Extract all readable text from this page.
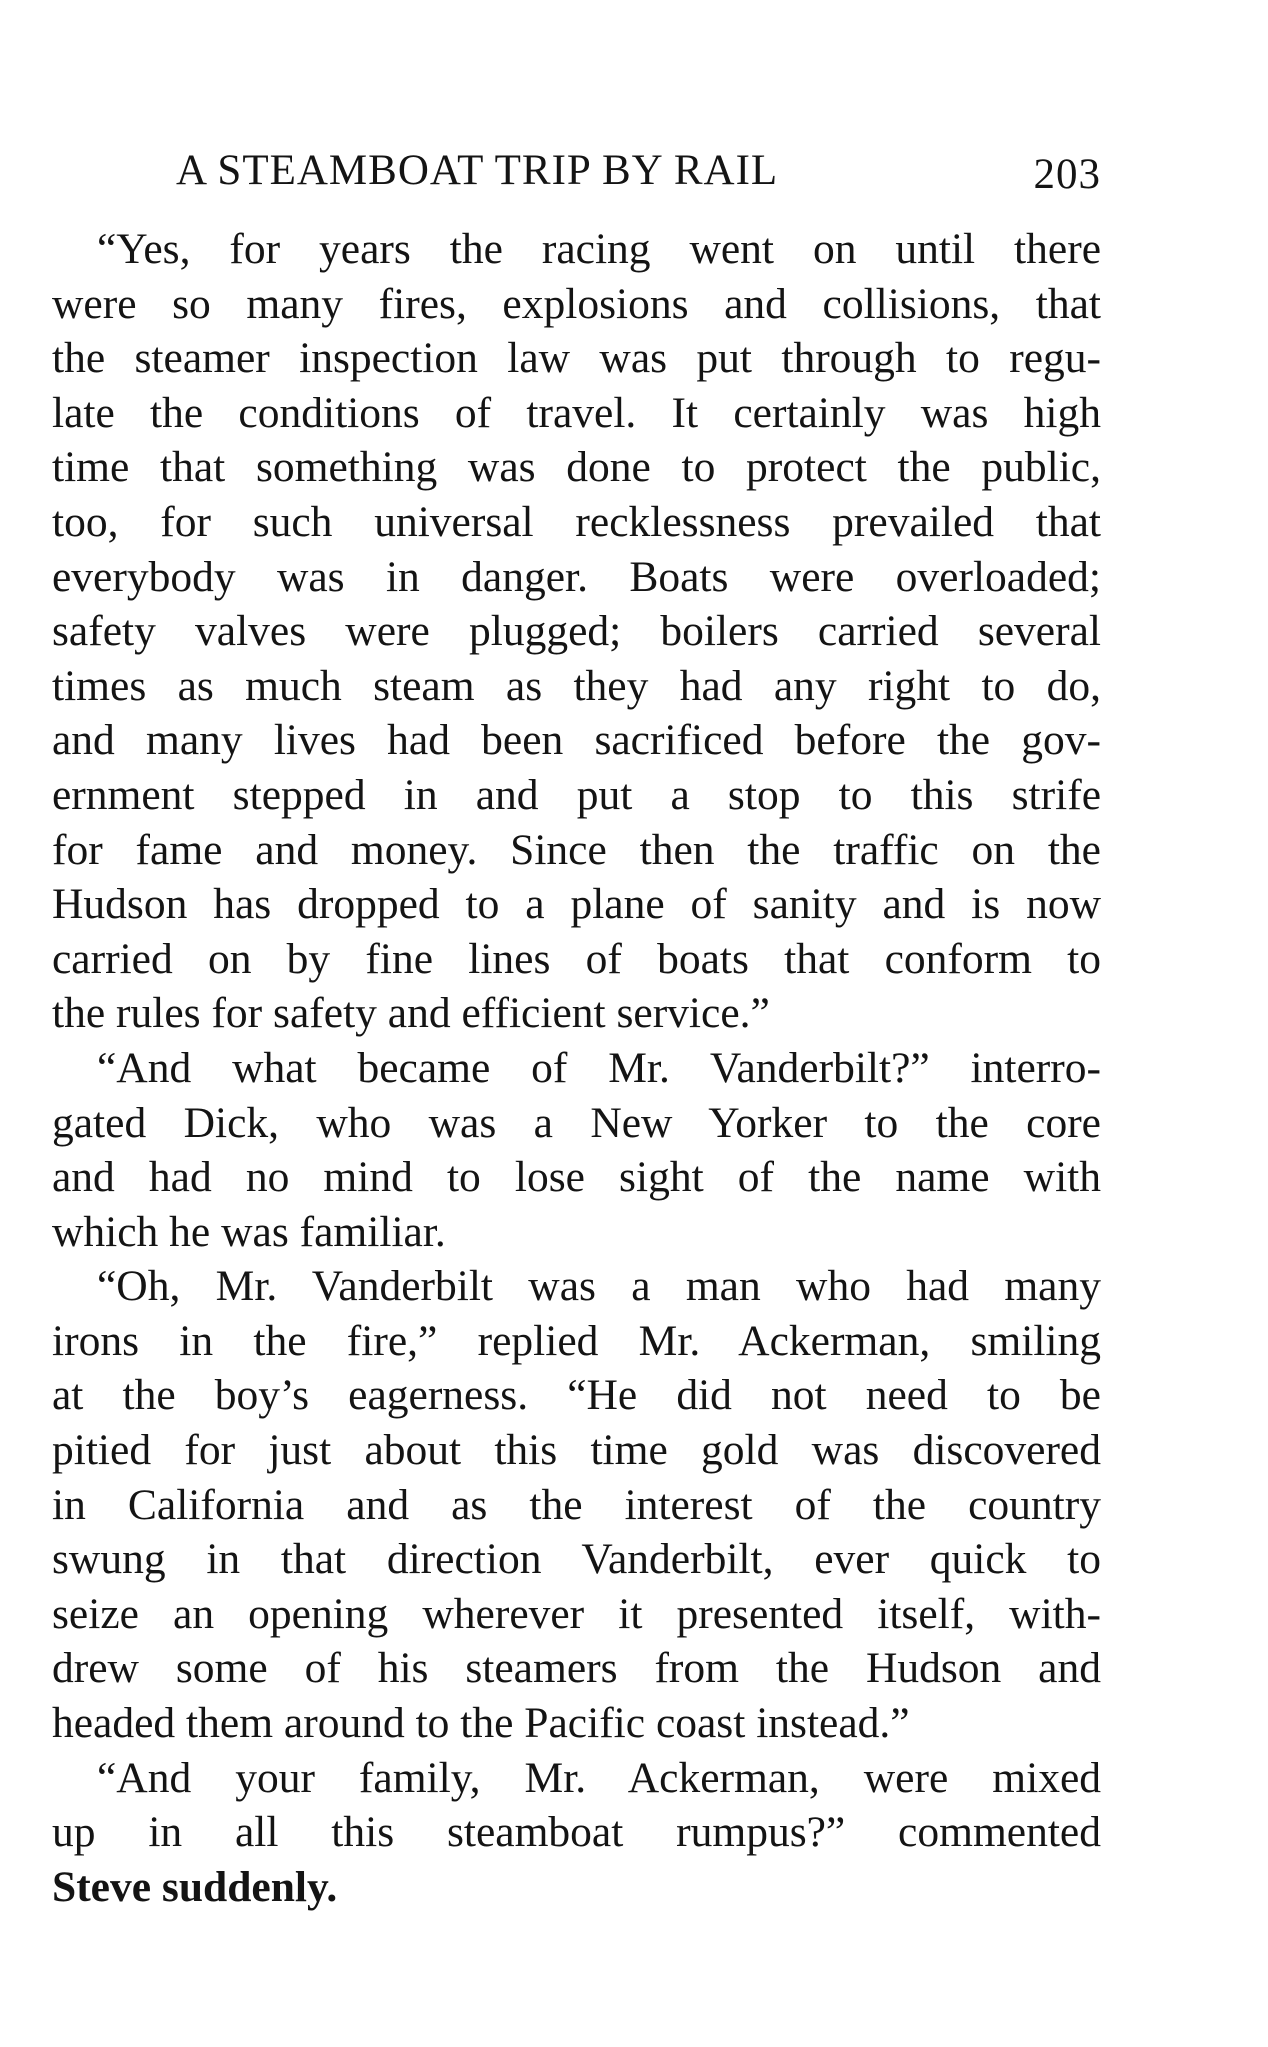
A STEAMBOAT TRIP BY RAIL	203
“Yes, for years the racing went on until there
were so many fires, explosions and collisions, that
the steamer inspection law was put through to regu-
late the conditions of travel. It certainly was high
time that something was done to protect the public,
too, for such universal recklessness prevailed that
everybody was in danger. Boats were overloaded;
safety valves were plugged; boilers carried several
times as much steam as they had any right to do,
and many lives had been sacrificed before the gov-
ernment stepped in and put a stop to this strife
for fame and money. Since then the traffic on the
Hudson has dropped to a plane of sanity and is now
carried on by fine lines of boats that conform to
the rules for safety and efficient service.”
“And what became of Mr. Vanderbilt?” interro-
gated Dick, who was a New Yorker to the core
and had no mind to lose sight of the name with
which he was familiar.
“Oh, Mr. Vanderbilt was a man who had many
irons in the fire,” replied Mr. Ackerman, smiling
at the boy’s eagerness. “He did not need to be
pitied for just about this time gold was discovered
in California and as the interest of the country
swung in that direction Vanderbilt, ever quick to
seize an opening wherever it presented itself, with-
drew some of his steamers from the Hudson and
headed them around to the Pacific coast instead.”
“And your family, Mr. Ackerman, were mixed
up in all this steamboat rumpus?” commented
Steve suddenly.
